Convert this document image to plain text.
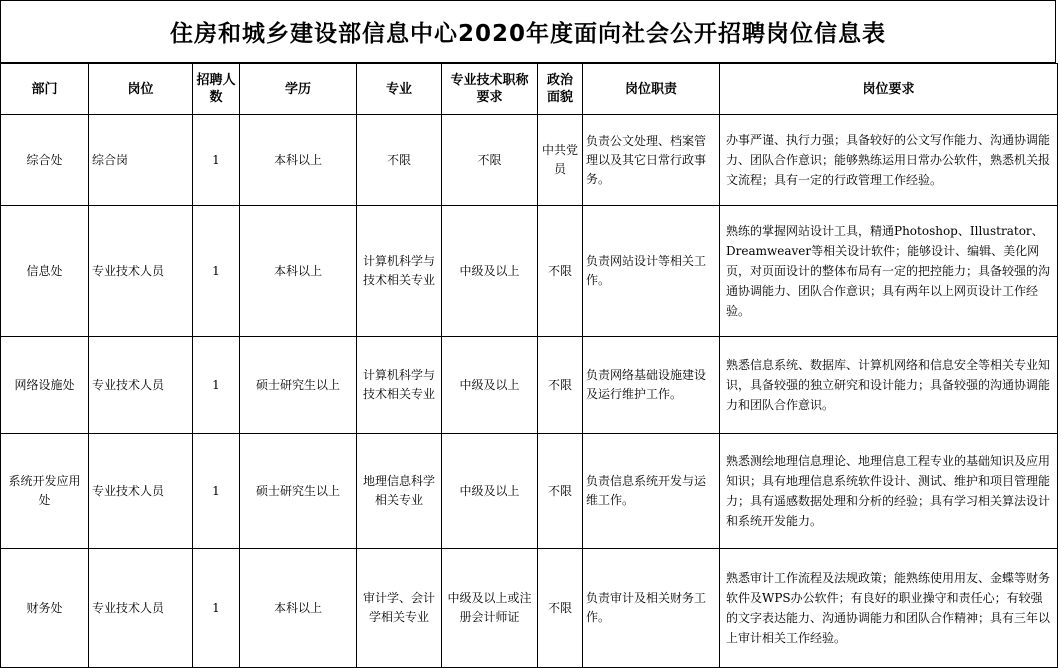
住房和城乡建设部信息中心2020年度面向社会公开招聘岗位信息表
部门	岗位	招聘人数	学历	专业	专业技术职称要求	政治面貌	岗位职责	岗位要求
综合处	综合岗	1	本科以上	不限	不限	中共党员	负责公文处理、档案管理以及其它日常行政事务。	办事严谨、执行力强；具备较好的公文写作能力、沟通协调能力、团队合作意识；能够熟练运用日常办公软件，熟悉机关报文流程；具有一定的行政管理工作经验。
信息处	专业技术人员	1	本科以上	计算机科学与技术相关专业	中级及以上	不限	负责网站设计等相关工作。	熟练的掌握网站设计工具，精通Photoshop、Illustrator、Dreamweaver等相关设计软件；能够设计、编辑、美化网页，对页面设计的整体布局有一定的把控能力；具备较强的沟通协调能力、团队合作意识；具有两年以上网页设计工作经验。
网络设施处	专业技术人员	1	硕士研究生以上	计算机科学与技术相关专业	中级及以上	不限	负责网络基础设施建设及运行维护工作。	熟悉信息系统、数据库、计算机网络和信息安全等相关专业知识，具备较强的独立研究和设计能力；具备较强的沟通协调能力和团队合作意识。
系统开发应用处	专业技术人员	1	硕士研究生以上	地理信息科学相关专业	中级及以上	不限	负责信息系统开发与运维工作。	熟悉测绘地理信息理论、地理信息工程专业的基础知识及应用知识；具有地理信息系统软件设计、测试、维护和项目管理能力；具有遥感数据处理和分析的经验；具有学习相关算法设计和系统开发能力。
财务处	专业技术人员	1	本科以上	审计学、会计学相关专业	中级及以上或注册会计师证	不限	负责审计及相关财务工作。	熟悉审计工作流程及法规政策；能熟练使用用友、金蝶等财务软件及WPS办公软件；有良好的职业操守和责任心；有较强的文字表达能力、沟通协调能力和团队合作精神；具有三年以上审计相关工作经验。
